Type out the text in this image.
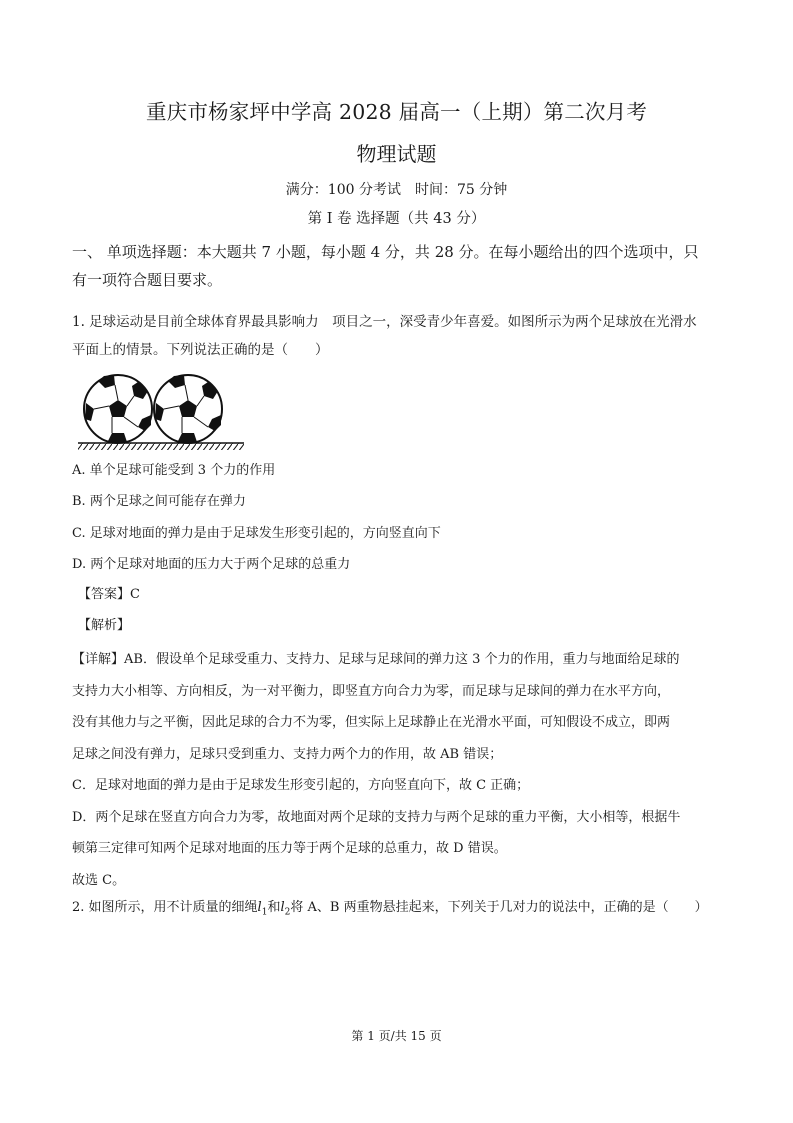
重庆市杨家坪中学高 2028 届高一（上期）第二次月考
物理试题
满分：100 分考试　时间：75 分钟
第 I 卷 选择题（共 43 分）
一、 单项选择题：本大题共 7 小题，每小题 4 分，共 28 分。在每小题给出的四个选项中，只
有一项符合题目要求。
1. 足球运动是目前全球体育界最具影响力　项目之一，深受青少年喜爱。如图所示为两个足球放在光滑水
平面上的情景。下列说法正确的是（　　）
A. 单个足球可能受到 3 个力的作用
B. 两个足球之间可能存在弹力
C. 足球对地面的弹力是由于足球发生形变引起的，方向竖直向下
D. 两个足球对地面的压力大于两个足球的总重力
【答案】C
【解析】
【详解】AB．假设单个足球受重力、支持力、足球与足球间的弹力这 3 个力的作用，重力与地面给足球的
支持力大小相等、方向相反，为一对平衡力，即竖直方向合力为零，而足球与足球间的弹力在水平方向，
没有其他力与之平衡，因此足球的合力不为零，但实际上足球静止在光滑水平面，可知假设不成立，即两
足球之间没有弹力，足球只受到重力、支持力两个力的作用，故 AB 错误；
C．足球对地面的弹力是由于足球发生形变引起的，方向竖直向下，故 C 正确；
D．两个足球在竖直方向合力为零，故地面对两个足球的支持力与两个足球的重力平衡，大小相等，根据牛
顿第三定律可知两个足球对地面的压力等于两个足球的总重力，故 D 错误。
故选 C。
2. 如图所示，用不计质量的细绳$l_1$和$l_2$将 A、B 两重物悬挂起来，下列关于几对力的说法中，正确的是（　　）
第 1 页/共 15 页
